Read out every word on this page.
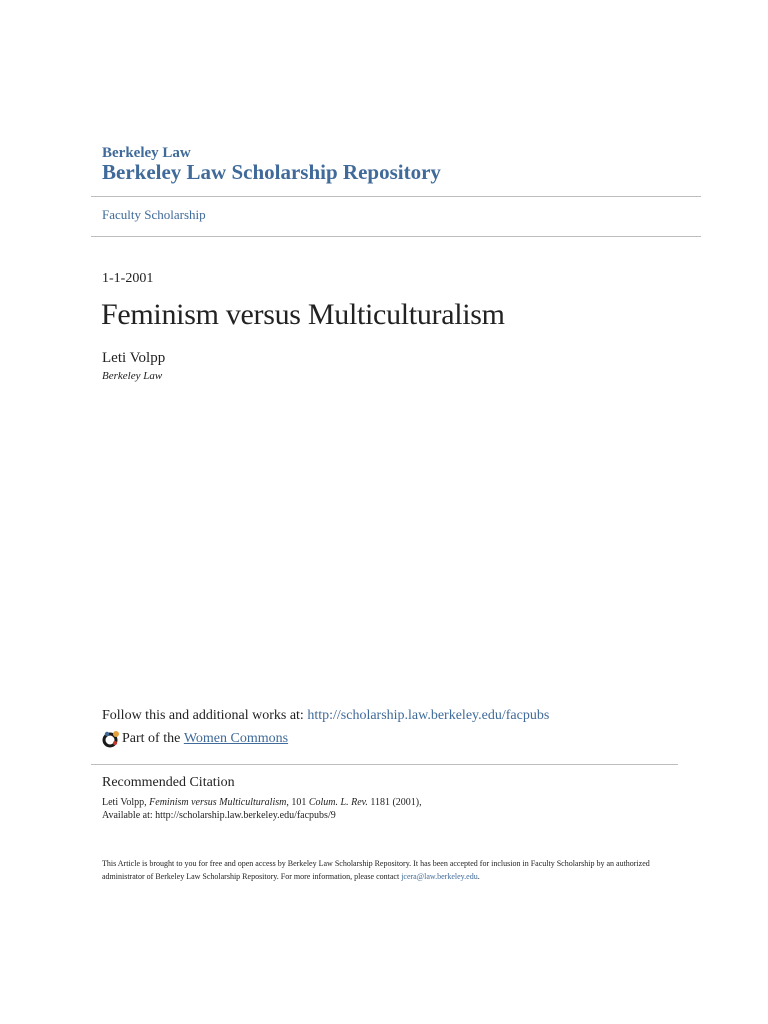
Berkeley Law
Berkeley Law Scholarship Repository
Faculty Scholarship
1-1-2001
Feminism versus Multiculturalism
Leti Volpp
Berkeley Law
Follow this and additional works at: http://scholarship.law.berkeley.edu/facpubs
Part of the
Women Commons
Recommended Citation
Leti Volpp, Feminism versus Multiculturalism, 101 Colum. L. Rev. 1181 (2001),
Available at: http://scholarship.law.berkeley.edu/facpubs/9
This Article is brought to you for free and open access by Berkeley Law Scholarship Repository. It has been accepted for inclusion in Faculty Scholarship by an authorized administrator of Berkeley Law Scholarship Repository. For more information, please contact jcera@law.berkeley.edu.
